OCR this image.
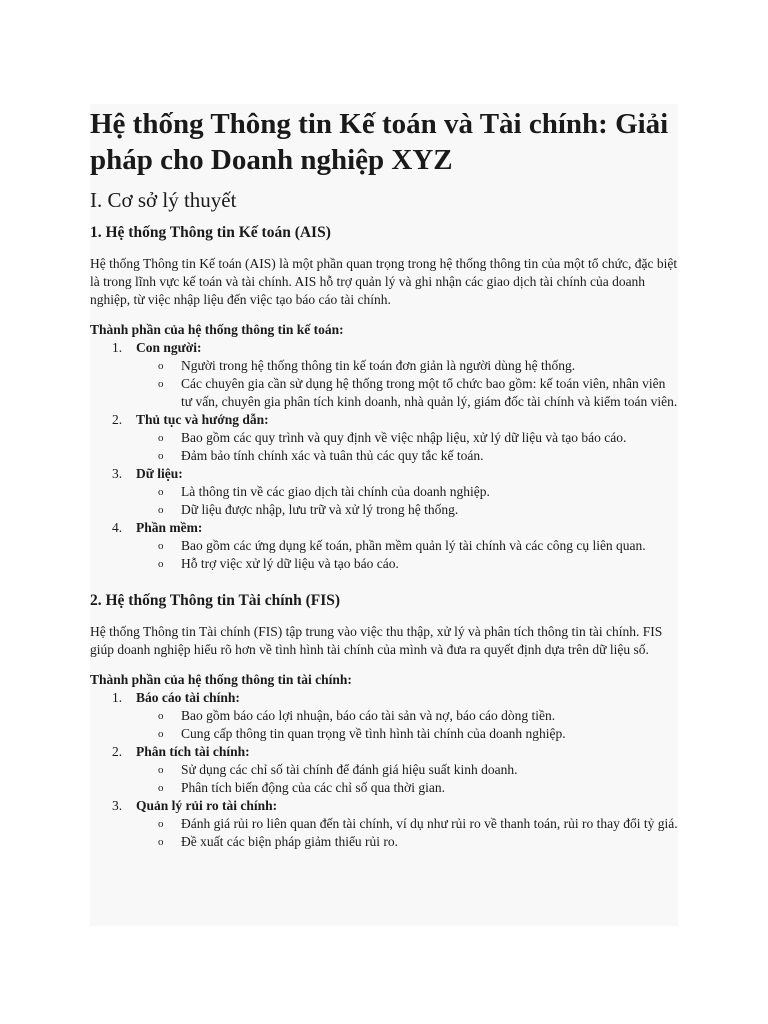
Hệ thống Thông tin Kế toán và Tài chính: Giải pháp cho Doanh nghiệp XYZ
I. Cơ sở lý thuyết
1. Hệ thống Thông tin Kế toán (AIS)

Hệ thống Thông tin Kế toán (AIS) là một phần quan trọng trong hệ thống thông tin của một tổ chức, đặc biệt là trong lĩnh vực kế toán và tài chính. AIS hỗ trợ quản lý và ghi nhận các giao dịch tài chính của doanh nghiệp, từ việc nhập liệu đến việc tạo báo cáo tài chính.

Thành phần của hệ thống thông tin kế toán:
1. Con người:
o Người trong hệ thống thông tin kế toán đơn giản là người dùng hệ thống.
o Các chuyên gia cần sử dụng hệ thống trong một tổ chức bao gồm: kế toán viên, nhân viên tư vấn, chuyên gia phân tích kinh doanh, nhà quản lý, giám đốc tài chính và kiểm toán viên.
2. Thủ tục và hướng dẫn:
o Bao gồm các quy trình và quy định về việc nhập liệu, xử lý dữ liệu và tạo báo cáo.
o Đảm bảo tính chính xác và tuân thủ các quy tắc kế toán.
3. Dữ liệu:
o Là thông tin về các giao dịch tài chính của doanh nghiệp.
o Dữ liệu được nhập, lưu trữ và xử lý trong hệ thống.
4. Phần mềm:
o Bao gồm các ứng dụng kế toán, phần mềm quản lý tài chính và các công cụ liên quan.
o Hỗ trợ việc xử lý dữ liệu và tạo báo cáo.
2. Hệ thống Thông tin Tài chính (FIS)

Hệ thống Thông tin Tài chính (FIS) tập trung vào việc thu thập, xử lý và phân tích thông tin tài chính. FIS giúp doanh nghiệp hiểu rõ hơn về tình hình tài chính của mình và đưa ra quyết định dựa trên dữ liệu số.

Thành phần của hệ thống thông tin tài chính:
1. Báo cáo tài chính:
o Bao gồm báo cáo lợi nhuận, báo cáo tài sản và nợ, báo cáo dòng tiền.
o Cung cấp thông tin quan trọng về tình hình tài chính của doanh nghiệp.
2. Phân tích tài chính:
o Sử dụng các chỉ số tài chính để đánh giá hiệu suất kinh doanh.
o Phân tích biến động của các chỉ số qua thời gian.
3. Quản lý rủi ro tài chính:
o Đánh giá rủi ro liên quan đến tài chính, ví dụ như rủi ro về thanh toán, rủi ro thay đổi tỷ giá.
o Đề xuất các biện pháp giảm thiểu rủi ro.
